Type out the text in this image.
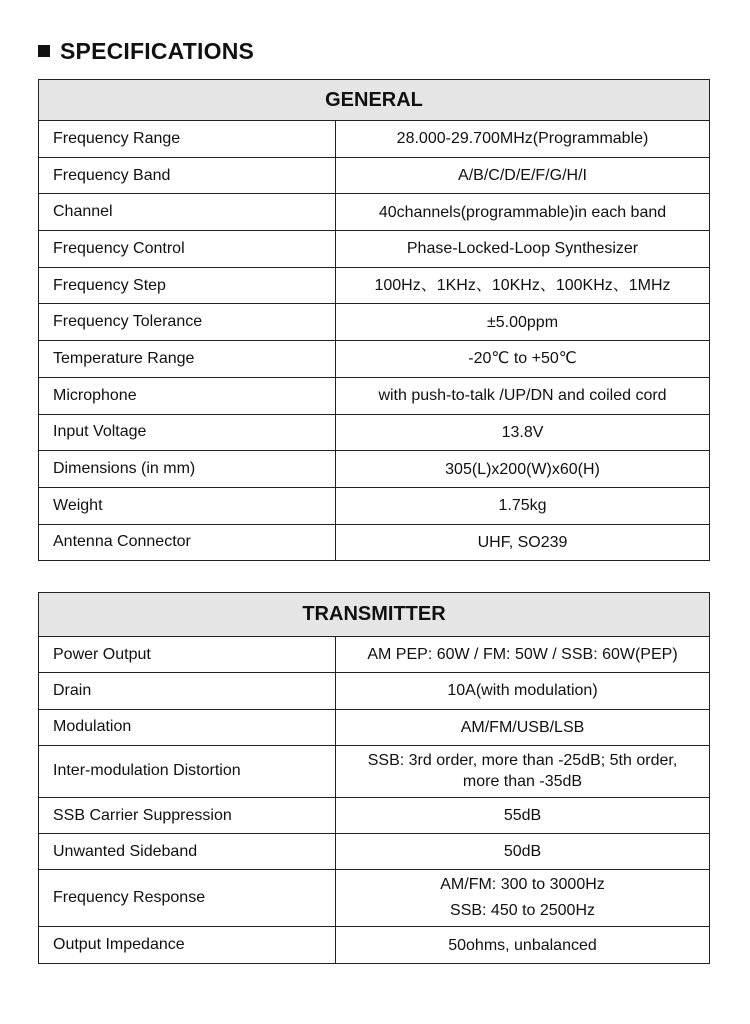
SPECIFICATIONS
GENERAL	
Frequency Range	28.000-29.700MHz(Programmable)
Frequency Band	A/B/C/D/E/F/G/H/I
Channel	40channels(programmable)in each band
Frequency Control	Phase-Locked-Loop Synthesizer
Frequency Step	100Hz、1KHz、10KHz、100KHz、1MHz
Frequency Tolerance	±5.00ppm
Temperature Range	-20℃ to +50℃
Microphone	with push-to-talk /UP/DN and coiled cord
Input Voltage	13.8V
Dimensions (in mm)	305(L)x200(W)x60(H)
Weight	1.75kg
Antenna Connector	UHF, SO239
TRANSMITTER	
Power Output	AM PEP: 60W / FM: 50W / SSB: 60W(PEP)
Drain	10A(with modulation)
Modulation	AM/FM/USB/LSB
Inter-modulation Distortion	SSB: 3rd order, more than -25dB; 5th order,
more than -35dB

SSB Carrier Suppression	55dB
Unwanted Sideband	50dB
Frequency Response	AM/FM: 300 to 3000Hz
SSB: 450 to 2500Hz

Output Impedance	50ohms, unbalanced
